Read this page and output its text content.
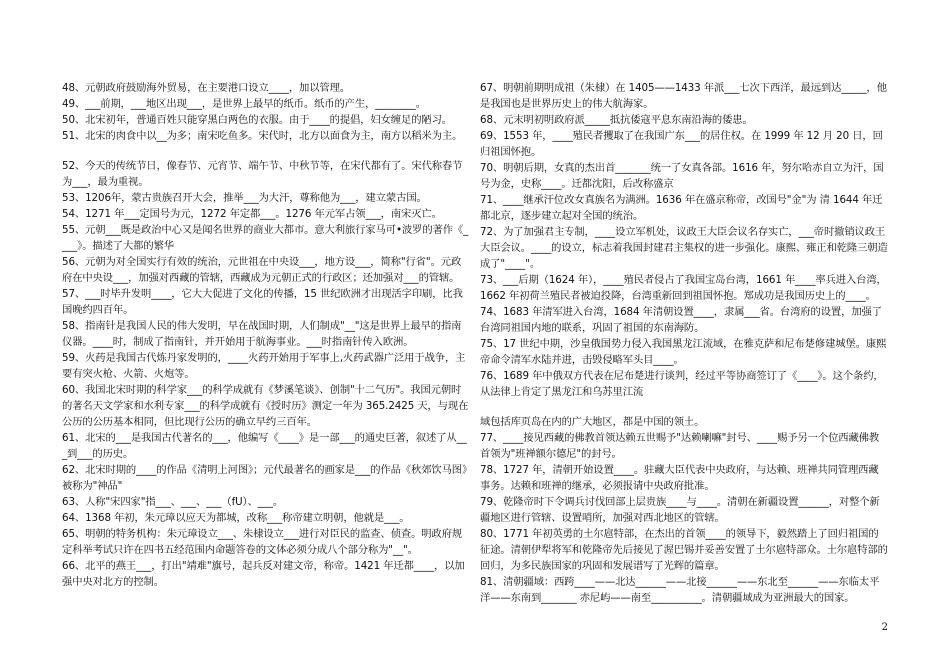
48、元朝政府鼓励海外贸易，在主要港口设立____，加以管理。

49、___前期，___地区出现___，是世界上最早的纸币。纸币的产生，________。

50、北宋初年，普通百姓只能穿黑白两色的衣服。由于____的提倡，妇女缠足的陋习。

51、北宋的肉食中以__为多；南宋吃鱼多。宋代时，北方以面食为主，南方以稻米为主。

52、今天的传统节日，像春节、元宵节、端午节、中秋节等，在宋代都有了。宋代称春节为___，最为重视。

53、1206年，蒙古贵族召开大会，推举___为大汗，尊称他为___，建立蒙古国。

54、1271 年___定国号为元，1272 年定都___。1276 年元军占领___，南宋灭亡。

55、元朝___既是政治中心又是闻名世界的商业大都市。意大利旅行家马可•波罗的著作《____》。描述了大都的繁华

56、元朝为对全国实行有效的统治，元世祖在中央设___，地方设___，简称"行省"。元政府在中央设___，加强对西藏的管辖，西藏成为元朝正式的行政区；还加强对___的管辖。

57、___时毕升发明____，它大大促进了文化的传播，15 世纪欧洲才出现活字印刷，比我国晚约四百年。

58、指南针是我国人民的伟大发明，早在战国时期，人们制成"__"这是世界上最早的指南仪器。____时，制成了指南针，并开始用于航海事业。___时指南针传入欧洲。

59、火药是我国古代炼丹家发明的，____火药开始用于军事上,火药武器广泛用于战争，主要有突火枪、火箭、火炮等。

60、我国北宋时期的科学家___的科学成就有《梦溪笔谈》、创制"十二气历"。我国元朝时的著名天文学家和水利专家___的科学成就有《授时历》测定一年为 365.2425 天，与现在公历的公历基本相同，但比现行公历的确立早约三百年。

61、北宋的___是我国古代著名的___，他编写《____》是一部___的通史巨著，叙述了从___到___的历史。

62、北宋时期的____的作品《清明上河图》；元代最著名的画家是___的作品《秋郊饮马图》被称为"神品"

63、人称"宋四家"指___、___、___（fU）、___。

64、1368 年初，朱元璋以应天为都城，改称___称帝建立明朝，他就是___。

65、明朝的特务机构：朱元璋设立___、朱棣设立___进行对臣民的监查、侦查。明政府规定科举考试只许在四书五经范围内命题答卷的文体必须分成八个部分称为"__"。

66、北平的燕王___，打出"靖难"旗号，起兵反对建文帝，称帝。1421 年迁都____，以加强中央对北方的控制。

67、明朝前期明成祖（朱棣）在 1405——1433 年派___七次下西洋，最远到达_____，他是我国也是世界历史上的伟大航海家。

68、元末明初明政府派_____抵抗倭寇平息东南沿海的倭患。

69、1553 年，____殖民者攫取了在我国广东___的居住权。在 1999 年 12 月 20 日，回归祖国怀抱。

70、明朝后期，女真的杰出首_______统一了女真各部。1616 年，努尔哈赤自立为汗，国号为金，史称____。迁都沈阳，后改称盛京

71、____继承汗位改女真族名为满洲。1636 年在盛京称帝，改国号"金"为 清 1644 年迁都北京，逐步建立起对全国的统治。

72、为了加强君主专制，____设立军机处，议政王大臣会议名存实亡，___帝时撤销议政王大臣会议。____的设立，标志着我国封建君主集权的进一步强化。康熙、雍正和乾隆三朝造成了"____"。

73、___后期（1624 年），____殖民者侵占了我国宝岛台湾，1661 年____率兵进入台湾，1662 年初荷兰殖民者被迫投降，台湾重新回到祖国怀抱。郑成功是我国历史上的____。

74、1683 年清军进入台湾，1684 年清朝设置____，隶属___省。台湾府的设置，加强了台湾同祖国内地的联系，巩固了祖国的东南海防。

75、17 世纪中期，沙皇俄国势力侵入我国黑龙江流域，在雅克萨和尼布楚修建城堡。康熙帝命令清军水陆并进，击毁侵略军头目____。

76、1689 年中俄双方代表在尼布楚进行谈判，经过平等协商签订了《____》。这个条约，从法律上肯定了黑龙江和乌苏里江流

域包括库页岛在内的广大地区，都是中国的领土。

77、____接见西藏的佛教首领达赖五世赐予"达赖喇嘛"封号、____赐予另一个位西藏佛教首领为"班禅额尔德尼"的封号。

78、1727 年，清朝开始设置____。驻藏大臣代表中央政府，与达赖、班禅共同管理西藏事务。达赖和班禅的继承，必须报请中央政府批准。

79、乾隆帝时下令调兵讨伐回部上层贵族____与____。清朝在新疆设置______，对整个新疆地区进行管辖、设置哨所，加强对西北地区的管辖。

80、1771 年初英勇的土尔扈特部，在杰出的首领____的领导下，毅然踏上了回归祖国的征途。清朝伊犁将军和乾隆帝先后接见了渥巴锡并妥善安置了土尔扈特部众。土尔扈特部的回归，为多民族国家的巩固和发展谱写了光辉的篇章。

81、清朝疆域：西跨____——北达______——北接______——东北至______——东临太平洋——东南到_______ 赤尼屿——南至__________。清朝疆域成为亚洲最大的国家。

2
